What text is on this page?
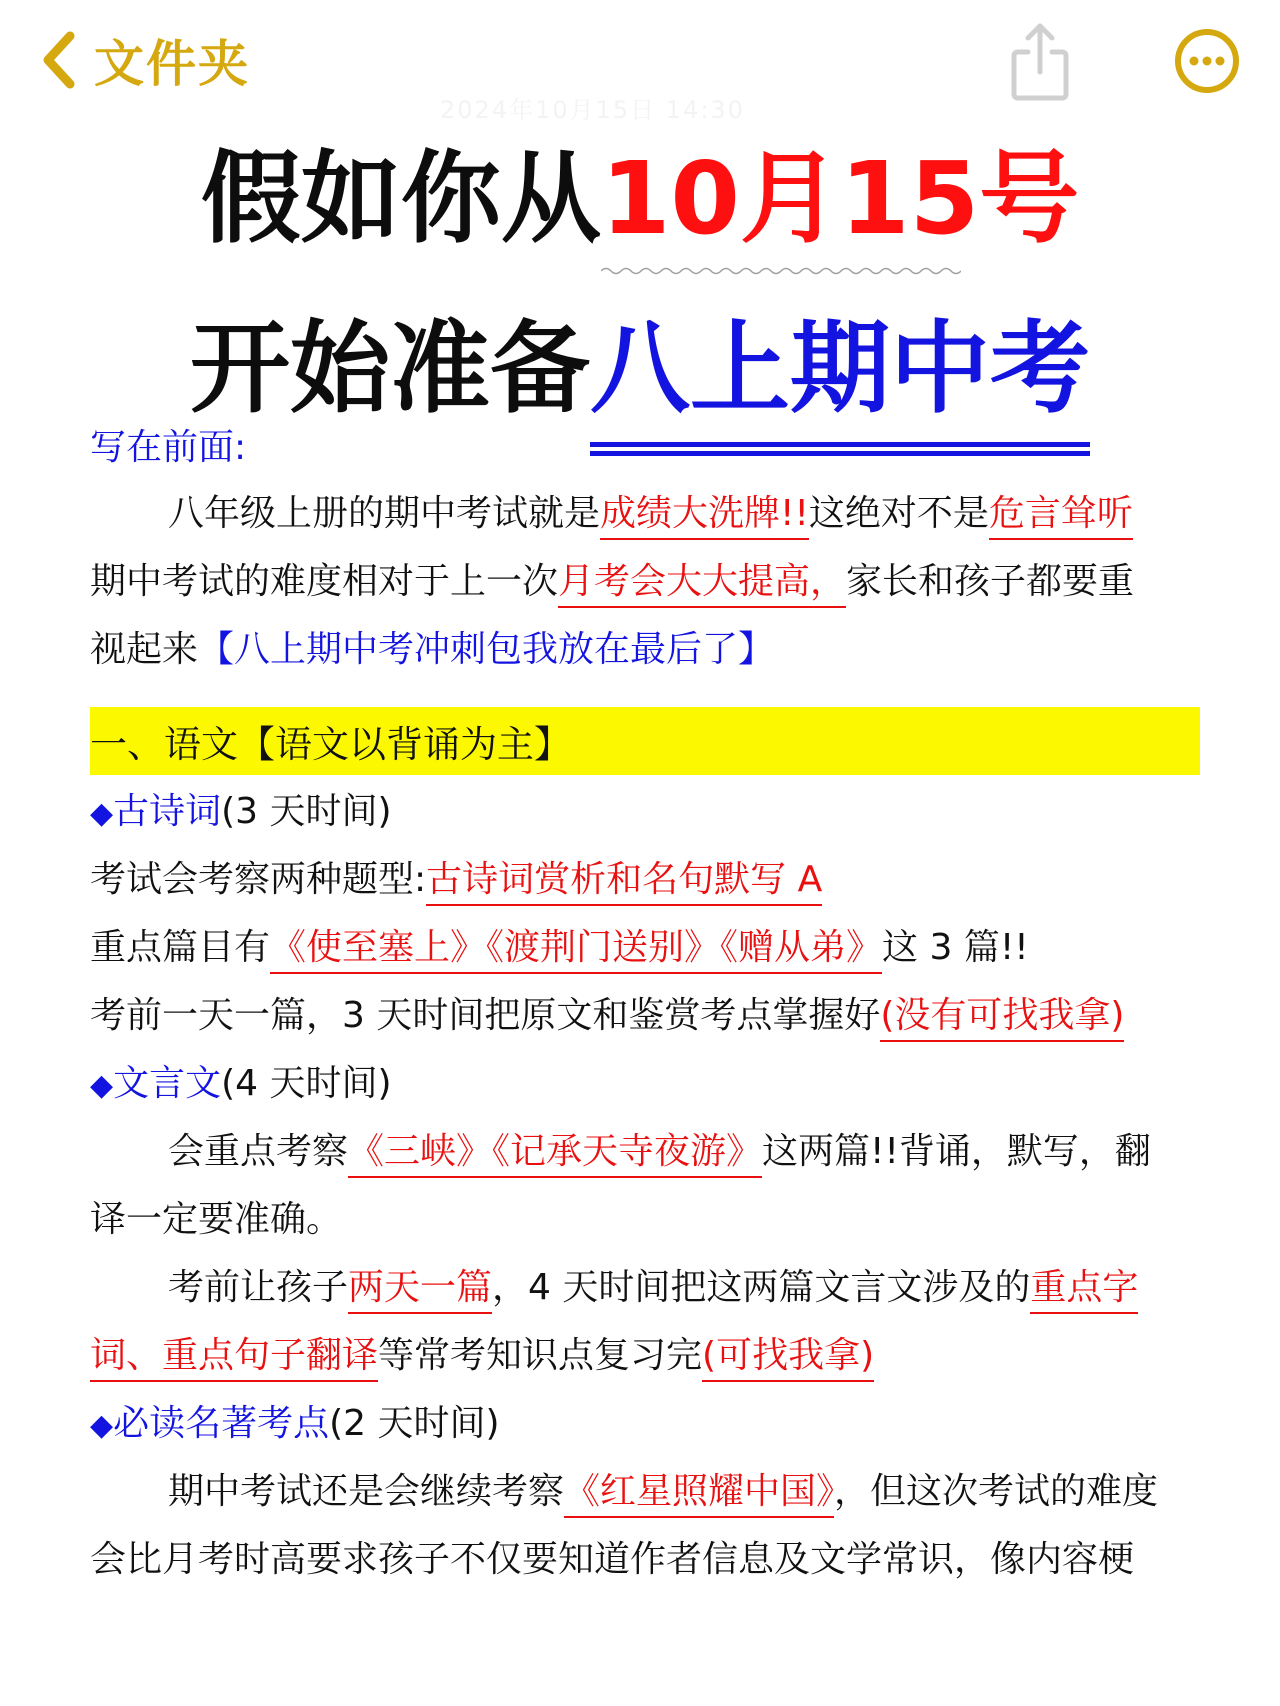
文件夹
2024年10月15日 14:30
假如你从10月15号
开始准备八上期中考
写在前面:
八年级上册的期中考试就是成绩大洗牌!!这绝对不是危言耸听
期中考试的难度相对于上一次月考会大大提高，家长和孩子都要重
视起来【八上期中考冲刺包我放在最后了】
一、语文【语文以背诵为主】
◆古诗词(3 天时间)
考试会考察两种题型:古诗词赏析和名句默写 A
重点篇目有《使至塞上》《渡荆门送别》《赠从弟》这 3 篇!!
考前一天一篇，3 天时间把原文和鉴赏考点掌握好(没有可找我拿)
◆文言文(4 天时间)
会重点考察《三峡》《记承天寺夜游》这两篇!!背诵，默写，翻
译一定要准确。
考前让孩子两天一篇，4 天时间把这两篇文言文涉及的重点字
词、重点句子翻译等常考知识点复习完(可找我拿)
◆必读名著考点(2 天时间)
期中考试还是会继续考察《红星照耀中国》，但这次考试的难度
会比月考时高要求孩子不仅要知道作者信息及文学常识，像内容梗
